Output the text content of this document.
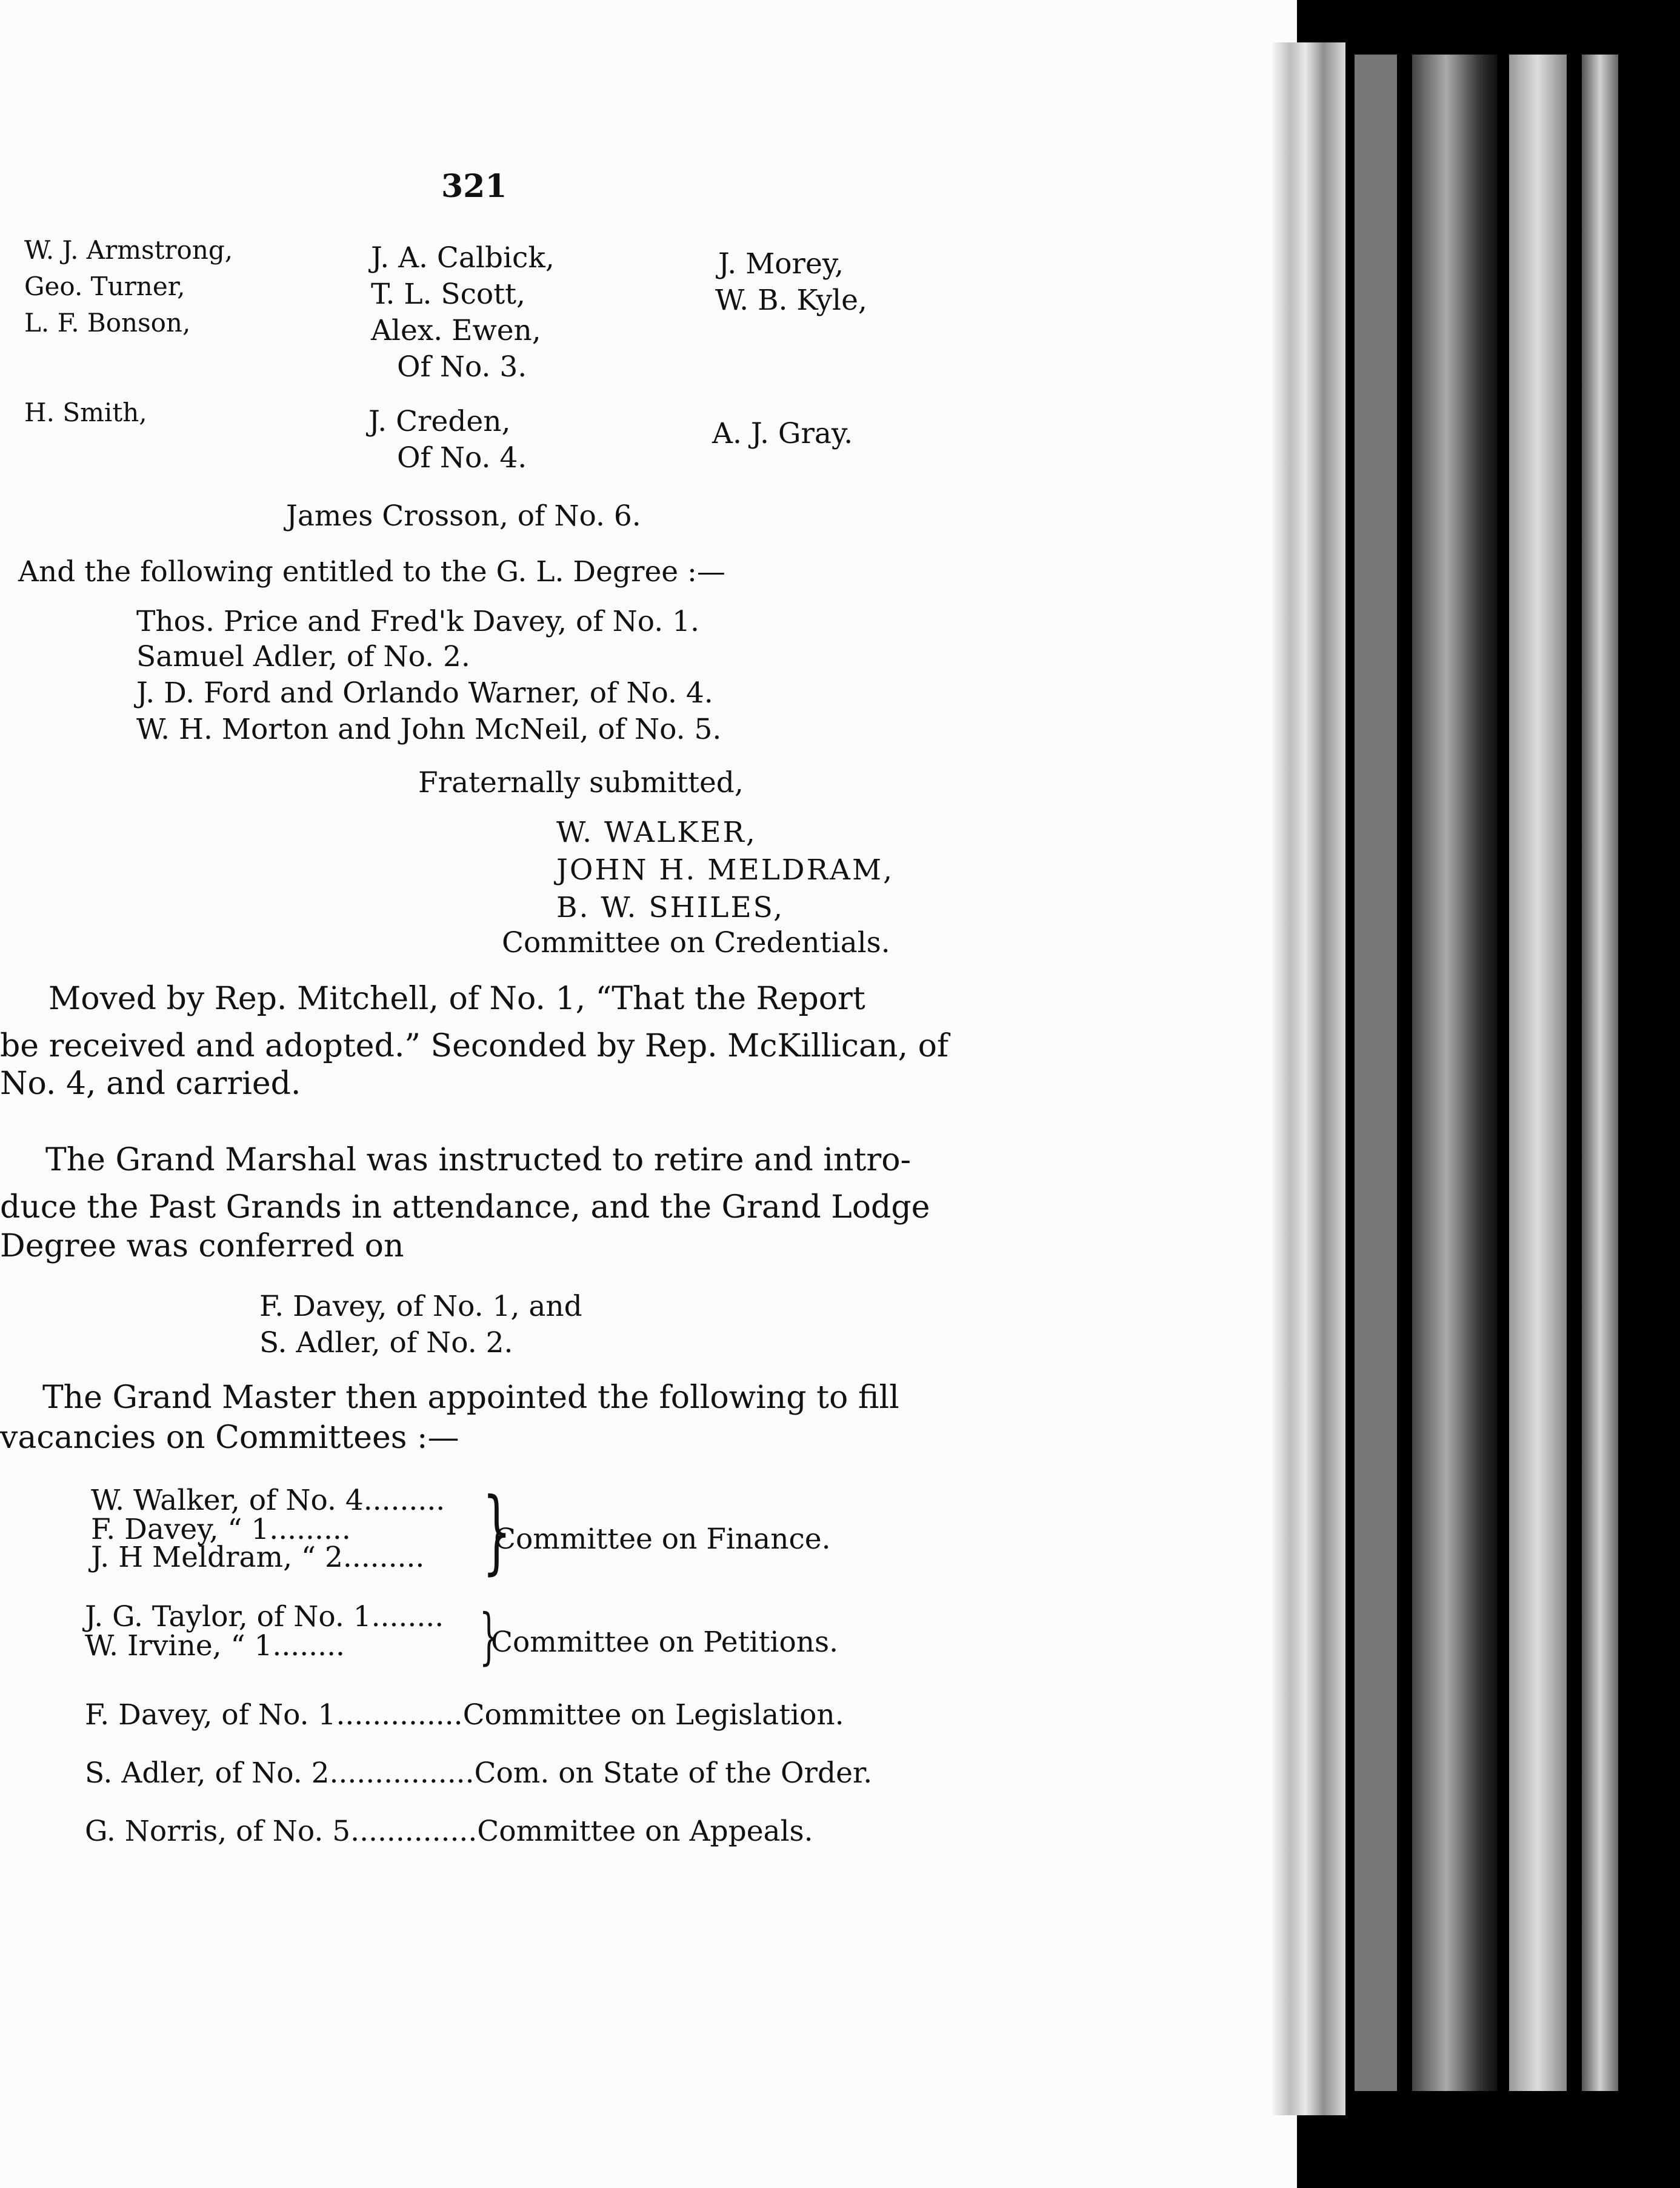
321
W. J. Armstrong,
Geo. Turner,
L. F. Bonson,
J. A. Calbick,
T. L. Scott,
Alex. Ewen,
Of No. 3.
J. Morey,
W. B. Kyle,
H. Smith,	J. Creden,
Of No. 4.
A. J. Gray.
James Crosson, of No. 6.
And the following entitled to the G. L. Degree :—
Thos. Price and Fred'k Davey, of No. 1.
Samuel Adler, of No. 2.
J. D. Ford and Orlando Warner, of No. 4.
W. H. Morton and John McNeil, of No. 5.
Fraternally submitted,
W. WALKER,
JOHN H. MELDRAM,
B. W. SHILES,
Committee on Credentials.
Moved by Rep. Mitchell, of No. 1, “That the Report
be received and adopted.” Seconded by Rep. McKillican, of
No. 4, and carried.
The Grand Marshal was instructed to retire and intro-
duce the Past Grands in attendance, and the Grand Lodge
Degree was conferred on
F. Davey, of No. 1, and
S. Adler, of No. 2.
The Grand Master then appointed the following to fill
vacancies on Committees :—
W. Walker, of No. 4.........
F. Davey, “ 1.........
J. H Meldram, “ 2......... }
Committee on Finance.
J. G. Taylor, of No. 1........
W. Irvine, “ 1........ }
Committee on Petitions.
F. Davey, of No. 1..............Committee on Legislation.
S. Adler, of No. 2................Com. on State of the Order.
G. Norris, of No. 5..............Committee on Appeals.
